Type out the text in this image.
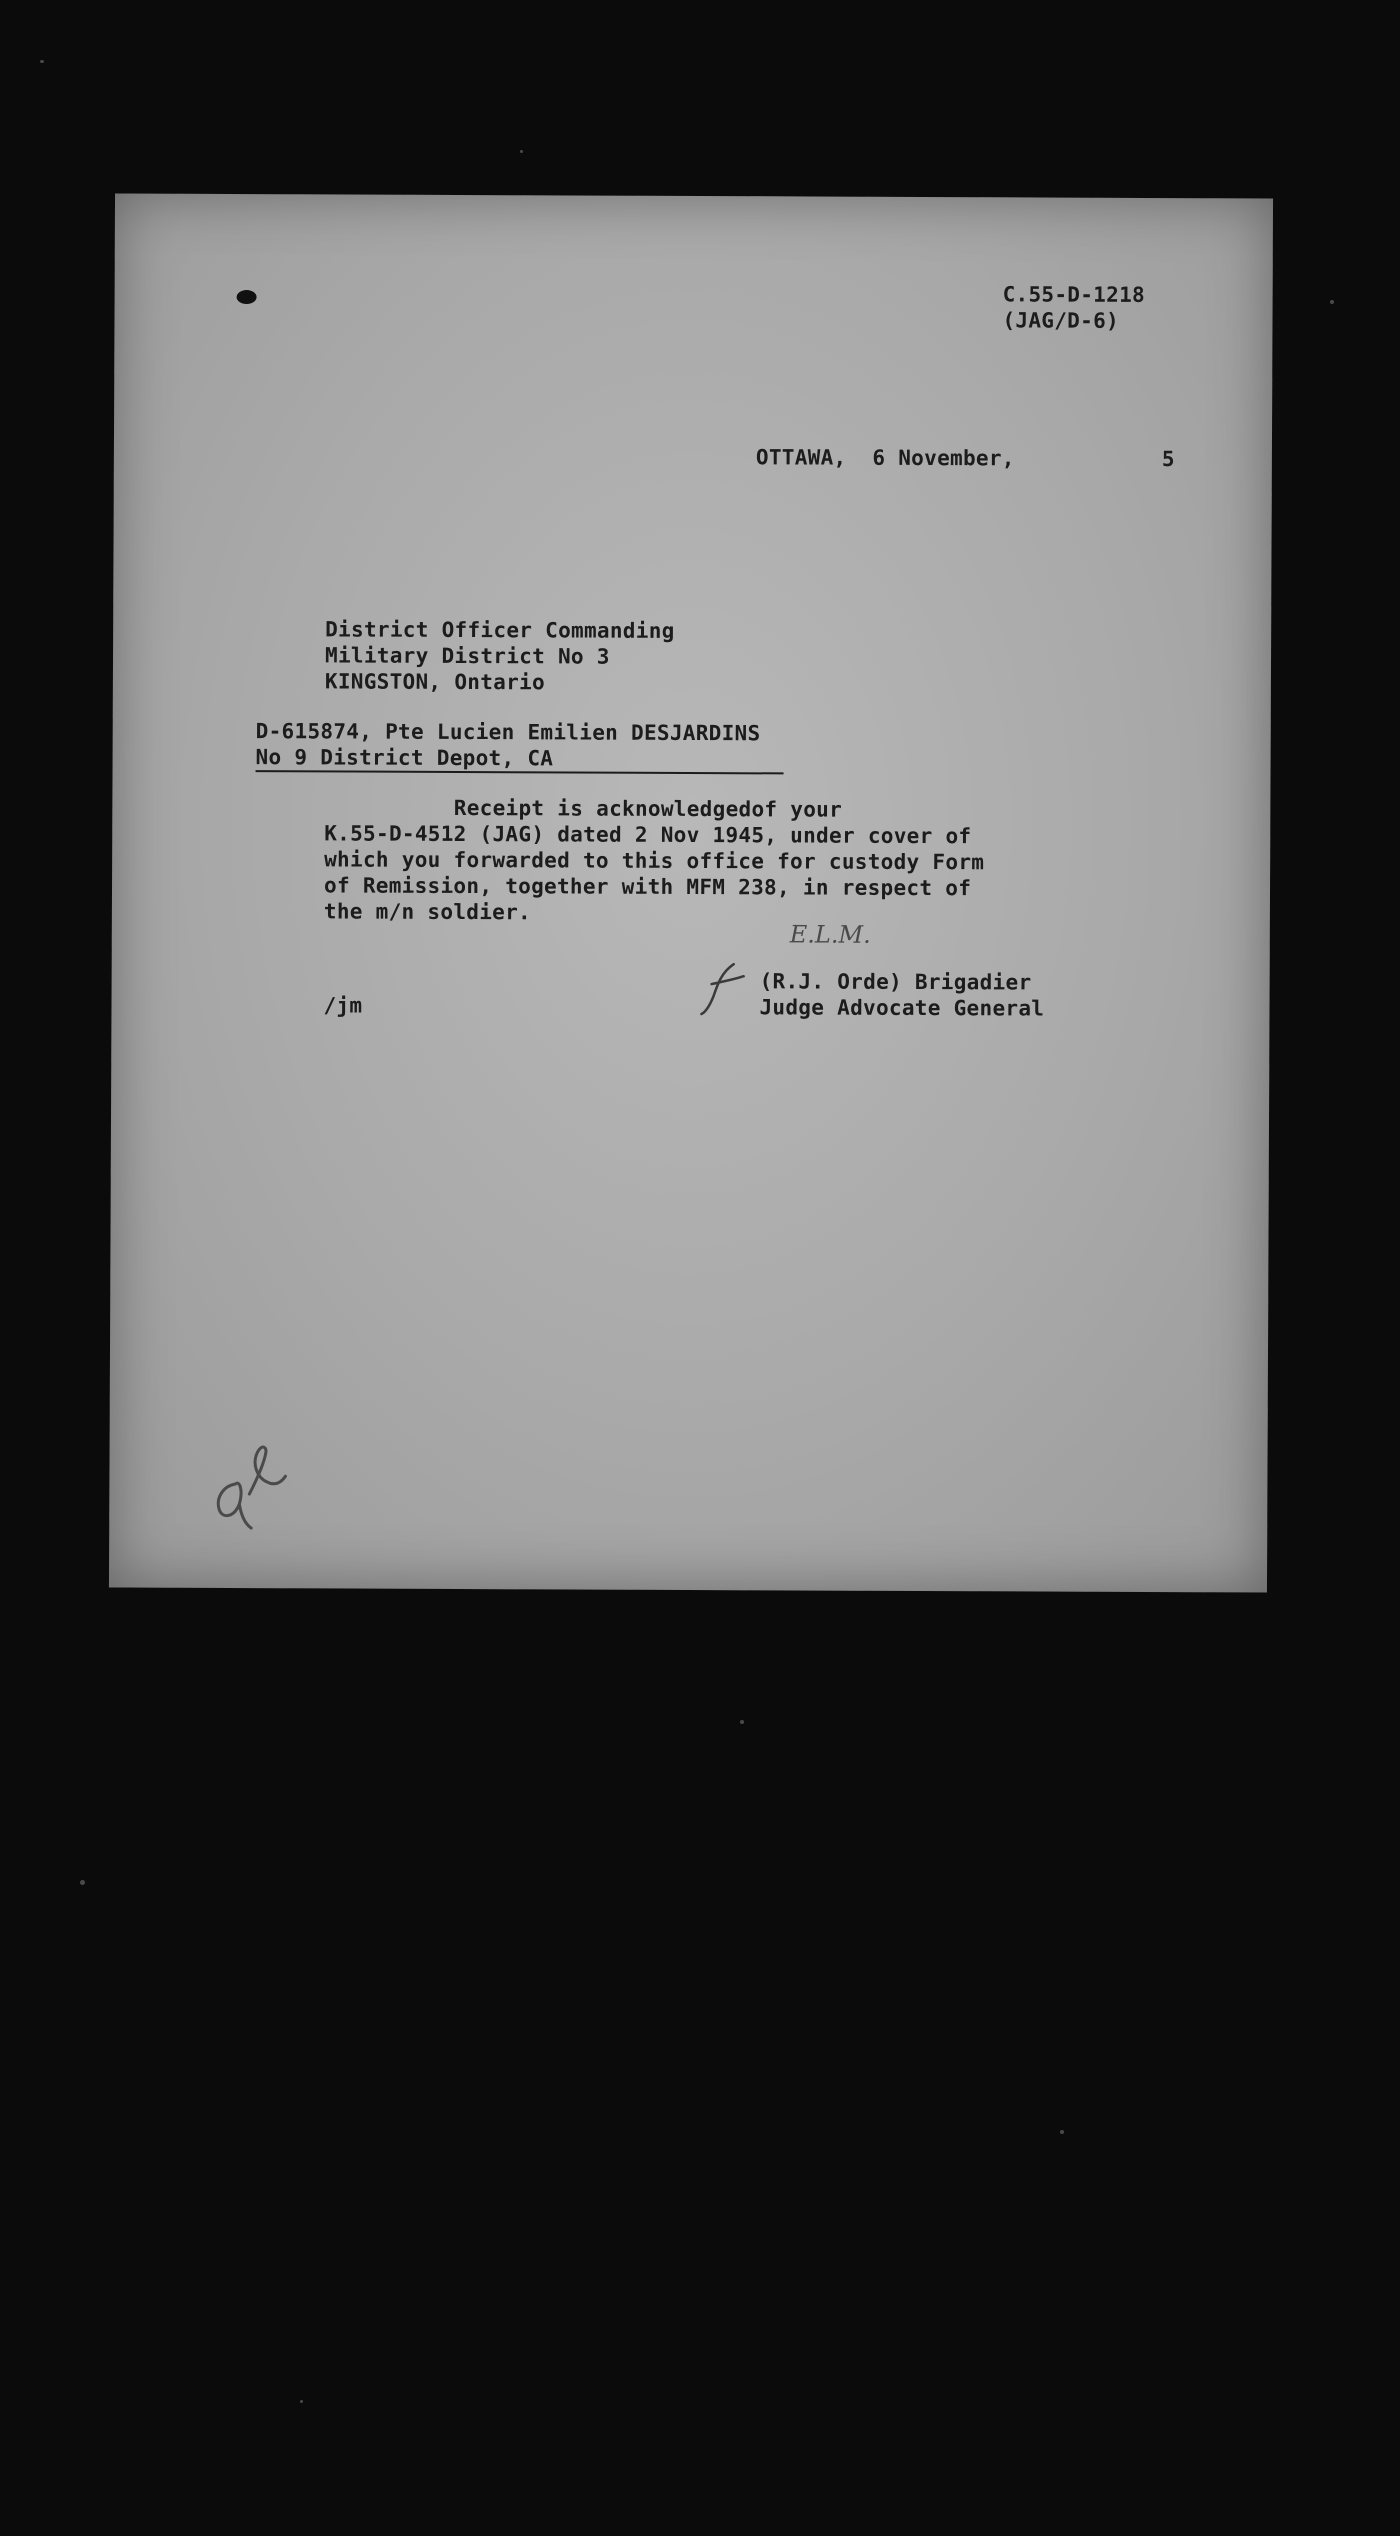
C.55-D-1218
(JAG/D-6)
OTTAWA,  6 November,	5
District Officer Commanding
Military District No 3
KINGSTON, Ontario
D-615874, Pte Lucien Emilien DESJARDINS
No 9 District Depot, CA
Receipt is acknowledgedof your
K.55-D-4512 (JAG) dated 2 Nov 1945, under cover of
which you forwarded to this office for custody Form
of Remission, together with MFM 238, in respect of
the m/n soldier.
E.L.M.
(R.J. Orde) Brigadier
Judge Advocate General
/jm
